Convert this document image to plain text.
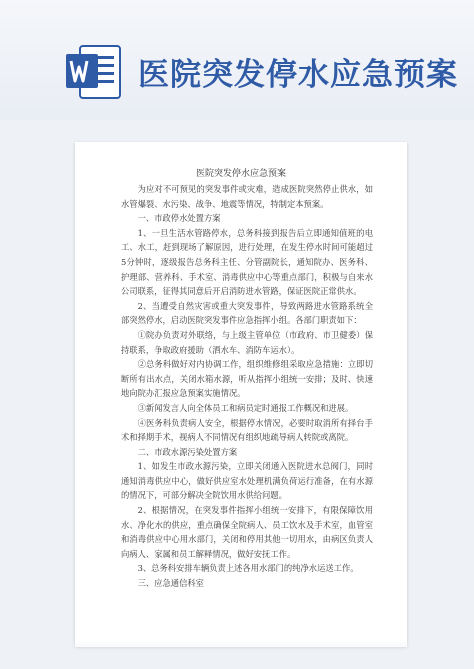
医院突发停水应急预案
医院突发停水应急预案

为应对不可预见的突发事件或灾难，造成医院突然停止供水，如水管爆裂、水污染、战争、地震等情况，特制定本预案。

一、市政停水处置方案

1、一旦生活水管路停水，总务科接到报告后立即通知值班的电工、水工，赶到现场了解原因，进行处理，在发生停水时间可能超过5分钟时，逐级报告总务科主任、分管副院长，通知院办、医务科、护理部、营养科、手术室、消毒供应中心等重点部门，积极与自来水公司联系，征得其同意后开启消防进水管路，保证医院正常供水。

2、当遭受自然灾害或重大突发事件，导致两路进水管路系统全部突然停水，启动医院突发事件应急指挥小组。各部门职责如下：

①院办负责对外联络，与上级主管单位（市政府、市卫健委）保持联系，争取政府援助（洒水车、消防车运水）。

②总务科做好对内协调工作，组织维修组采取应急措施：立即切断所有出水点，关闭水箱水源，听从指挥小组统一安排；及时、快速地向院办汇报应急预案实施情况。

③新闻发言人向全体员工和病员定时通报工作概况和进展。

④医务科负责病人安全，根据停水情况，必要时取消所有择台手术和择期手术，视病人不同情况有组织地疏导病人转院或离院。

二、市政水源污染处置方案

1、如发生市政水源污染，立即关闭通入医院进水总阀门，同时通知消毒供应中心，做好供应室水处理机满负荷运行准备，在有水源的情况下，可部分解决全院饮用水供给问题。

2、根据情况，在突发事件指挥小组统一安排下，有限保障饮用水、净化水的供应，重点确保全院病人、员工饮水及手术室，血管室和消毒供应中心用水部门，关闭和停用其他一切用水，由病区负责人向病人、家属和员工解释情况，做好安抚工作。

3、总务科安排车辆负责上述各用水部门的纯净水运送工作。

三、应急通信科室
